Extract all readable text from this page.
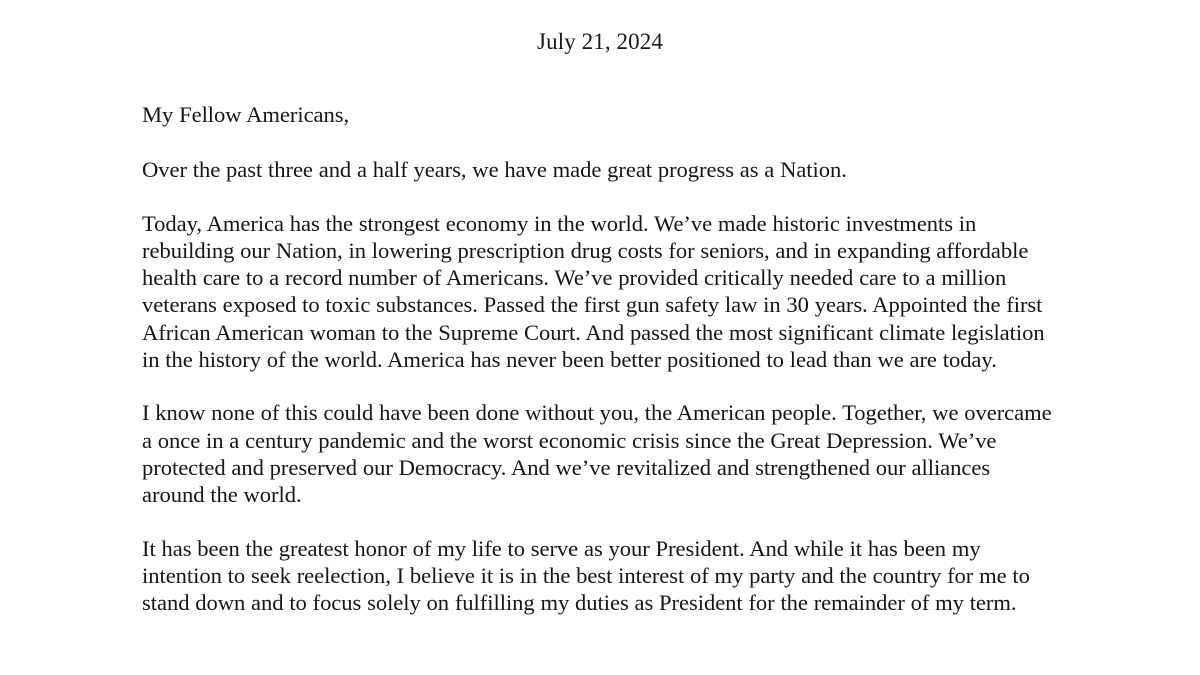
July 21, 2024

My Fellow Americans,

Over the past three and a half years, we have made great progress as a Nation.

Today, America has the strongest economy in the world. We’ve made historic investments in rebuilding our Nation, in lowering prescription drug costs for seniors, and in expanding affordable health care to a record number of Americans. We’ve provided critically needed care to a million veterans exposed to toxic substances. Passed the first gun safety law in 30 years. Appointed the first African American woman to the Supreme Court. And passed the most significant climate legislation in the history of the world. America has never been better positioned to lead than we are today.

I know none of this could have been done without you, the American people. Together, we overcame a once in a century pandemic and the worst economic crisis since the Great Depression. We’ve protected and preserved our Democracy. And we’ve revitalized and strengthened our alliances around the world.

It has been the greatest honor of my life to serve as your President. And while it has been my intention to seek reelection, I believe it is in the best interest of my party and the country for me to stand down and to focus solely on fulfilling my duties as President for the remainder of my term.
